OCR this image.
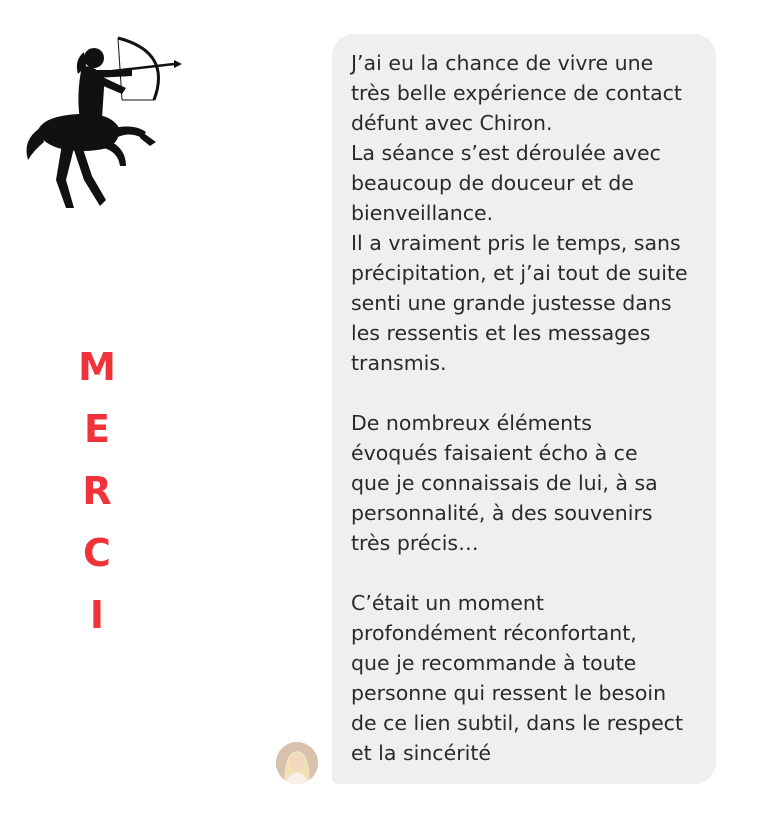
M
E
R
C
I

J’ai eu la chance de vivre une

très belle expérience de contact

défunt avec Chiron.

La séance s’est déroulée avec

beaucoup de douceur et de

bienveillance.

Il a vraiment pris le temps, sans

précipitation, et j’ai tout de suite

senti une grande justesse dans

les ressentis et les messages

transmis.

De nombreux éléments

évoqués faisaient écho à ce

que je connaissais de lui, à sa

personnalité, à des souvenirs

très précis…

C’était un moment

profondément réconfortant,

que je recommande à toute

personne qui ressent le besoin

de ce lien subtil, dans le respect

et la sincérité
